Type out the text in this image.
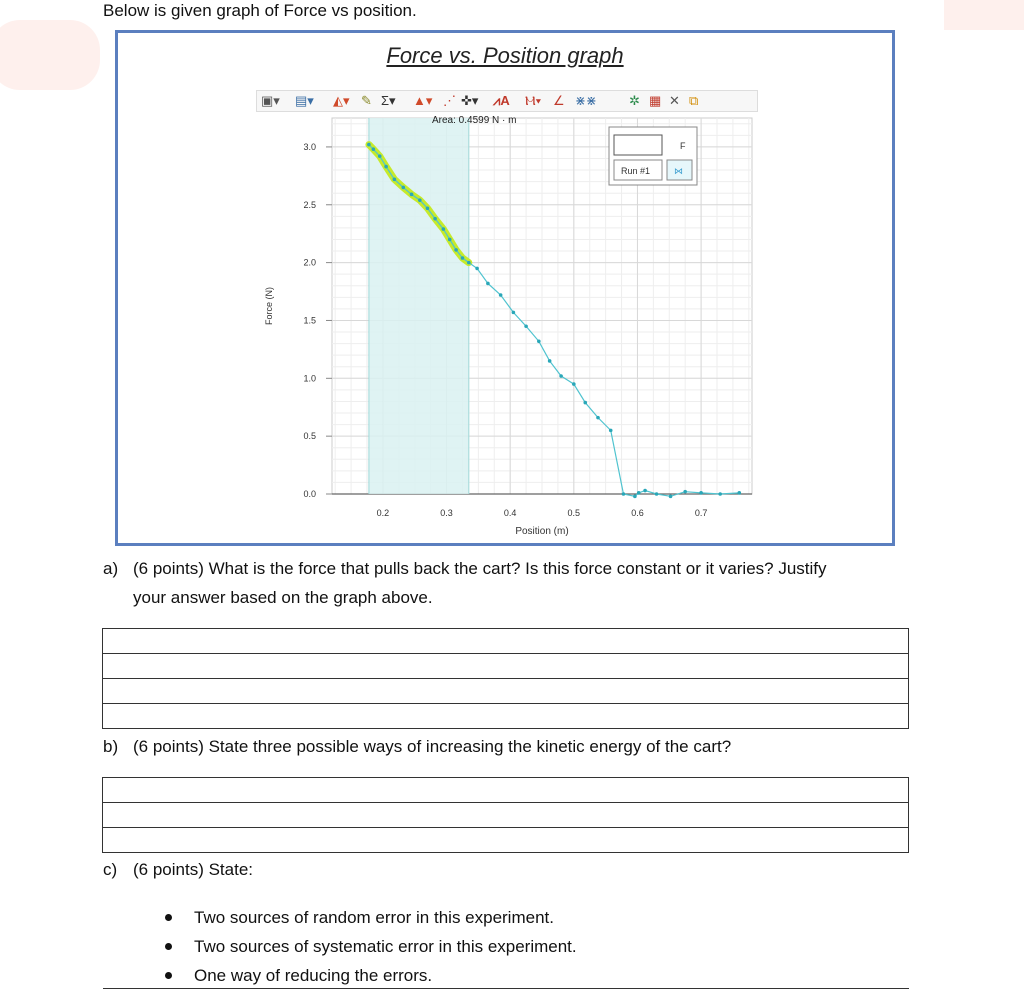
Below is given graph of Force vs position.
Force vs. Position graph
▣▾ ▤▾ ◭▾ ✎ Σ▾ ▲▾ ⋰ ✜▾ ⩘A Ⲙ▾ ∠ ⋇⋇ ✲ ▦ ✕ ⧉
0.2	0.3	0.4	0.5	0.6	0.7
0.0
0.5
1.0
1.5
2.0
2.5
3.0
Area: 0.4599 N · m
F
Run #1	⋈
Position (m)
Force (N)
a) (6 points) What is the force that pulls back the cart? Is this force constant or it varies? Justify
your answer based on the graph above.

b) (6 points) State three possible ways of increasing the kinetic energy of the cart?

c) (6 points) State:
Two sources of random error in this experiment.
Two sources of systematic error in this experiment.
One way of reducing the errors.
